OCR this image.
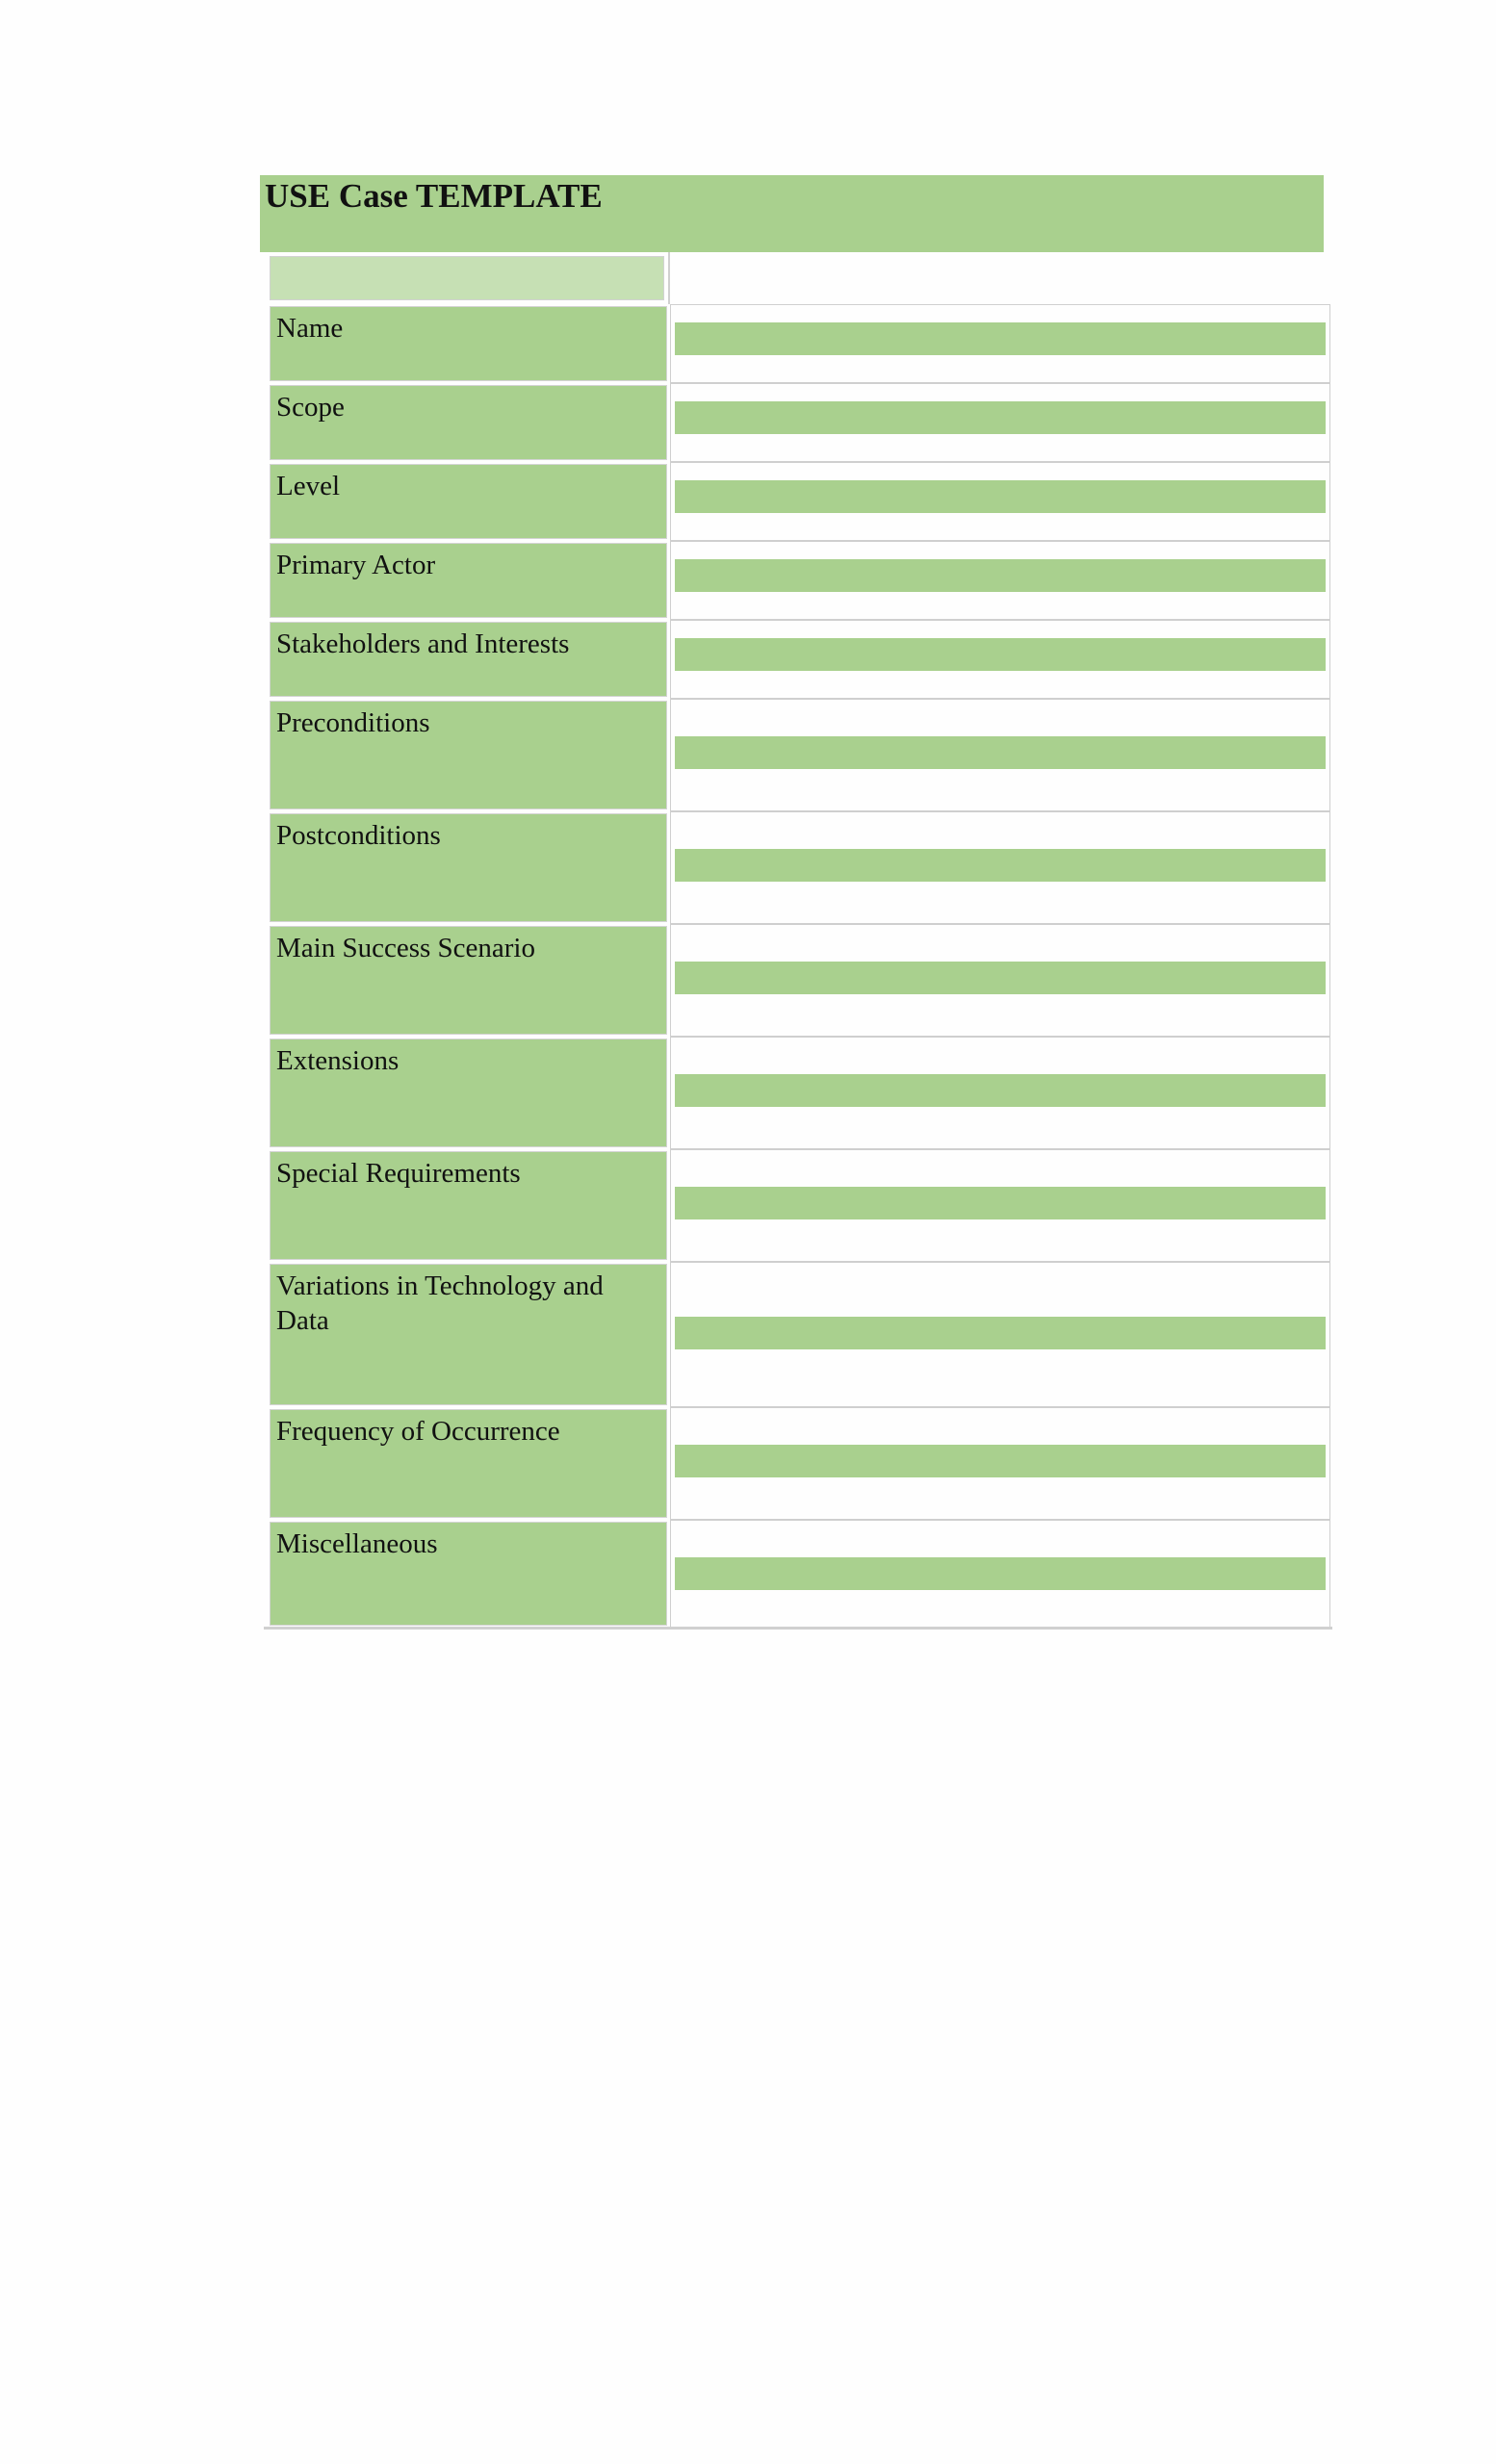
USE Case TEMPLATE
Name
Scope
Level
Primary Actor
Stakeholders and Interests
Preconditions
Postconditions
Main Success Scenario
Extensions
Special Requirements
Variations in Technology and Data
Frequency of Occurrence
Miscellaneous
